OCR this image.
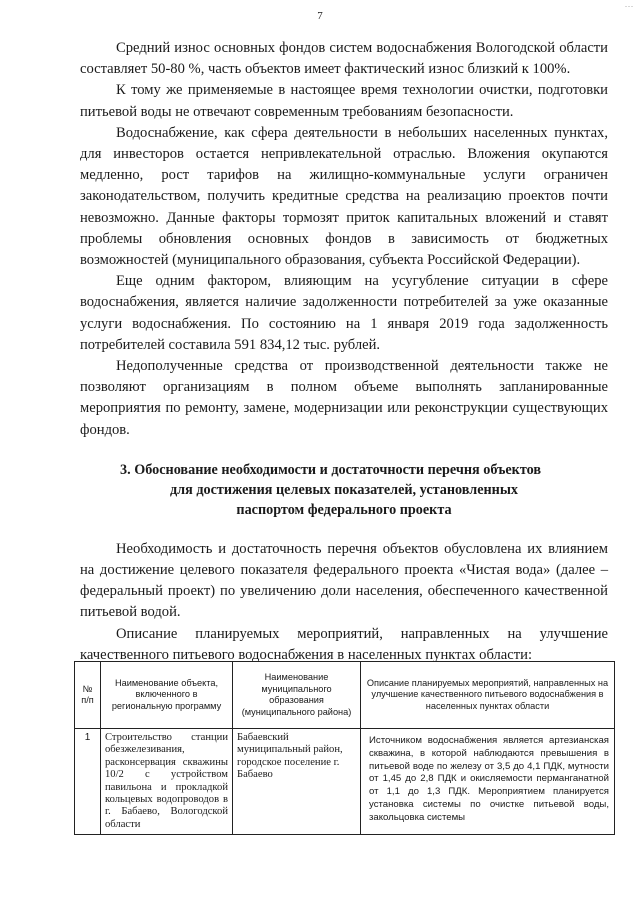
...
7

Средний износ основных фондов систем водоснабжения Вологодской области составляет 50-80 %, часть объектов имеет фактический износ близкий к 100%.

К тому же применяемые в настоящее время технологии очистки, подготовки питьевой воды не отвечают современным требованиям безопасности.

Водоснабжение, как сфера деятельности в небольших населенных пунктах, для инвесторов остается непривлекательной отраслью. Вложения окупаются медленно, рост тарифов на жилищно-коммунальные услуги ограничен законодательством, получить кредитные средства на реализацию проектов почти невозможно. Данные факторы тормозят приток капитальных вложений и ставят проблемы обновления основных фондов в зависимость от бюджетных возможностей (муниципального образования, субъекта Российской Федерации).

Еще одним фактором, влияющим на усугубление ситуации в сфере водоснабжения, является наличие задолженности потребителей за уже оказанные услуги водоснабжения. По состоянию на 1 января 2019 года задолженность потребителей составила 591 834,12 тыс. рублей.

Недополученные средства от производственной деятельности также не позволяют организациям в полном объеме выполнять запланированные мероприятия по ремонту, замене, модернизации или реконструкции существующих фондов.

3. Обоснование необходимости и достаточности перечня объектов
для достижения целевых показателей, установленных
паспортом федерального проекта

Необходимость и достаточность перечня объектов обусловлена их влиянием на достижение целевого показателя федерального проекта «Чистая вода» (далее – федеральный проект) по увеличению доли населения, обеспеченного качественной питьевой водой.

Описание планируемых мероприятий, направленных на улучшение качественного питьевого водоснабжения в населенных пунктах области:

№ п/п	Наименование объекта, включенного в региональную программу	Наименование муниципального образования (муниципального района)	Описание планируемых мероприятий, направленных на улучшение качественного питьевого водоснабжения в населенных пунктах области
1	Строительство станции обезжелезивания, расконсервация скважины 10/2 с устройством павильона и прокладкой кольцевых водопроводов в г. Бабаево, Вологодской области	Бабаевский муниципальный район, городское поселение г. Бабаево	Источником водоснабжения является артезианская скважина, в которой наблюдаются превышения в питьевой воде по железу от 3,5 до 4,1 ПДК, мутности от 1,45 до 2,8 ПДК и окисляемости перманганатной от 1,1 до 1,3 ПДК. Мероприятием планируется установка системы по очистке питьевой воды, закольцовка системы
